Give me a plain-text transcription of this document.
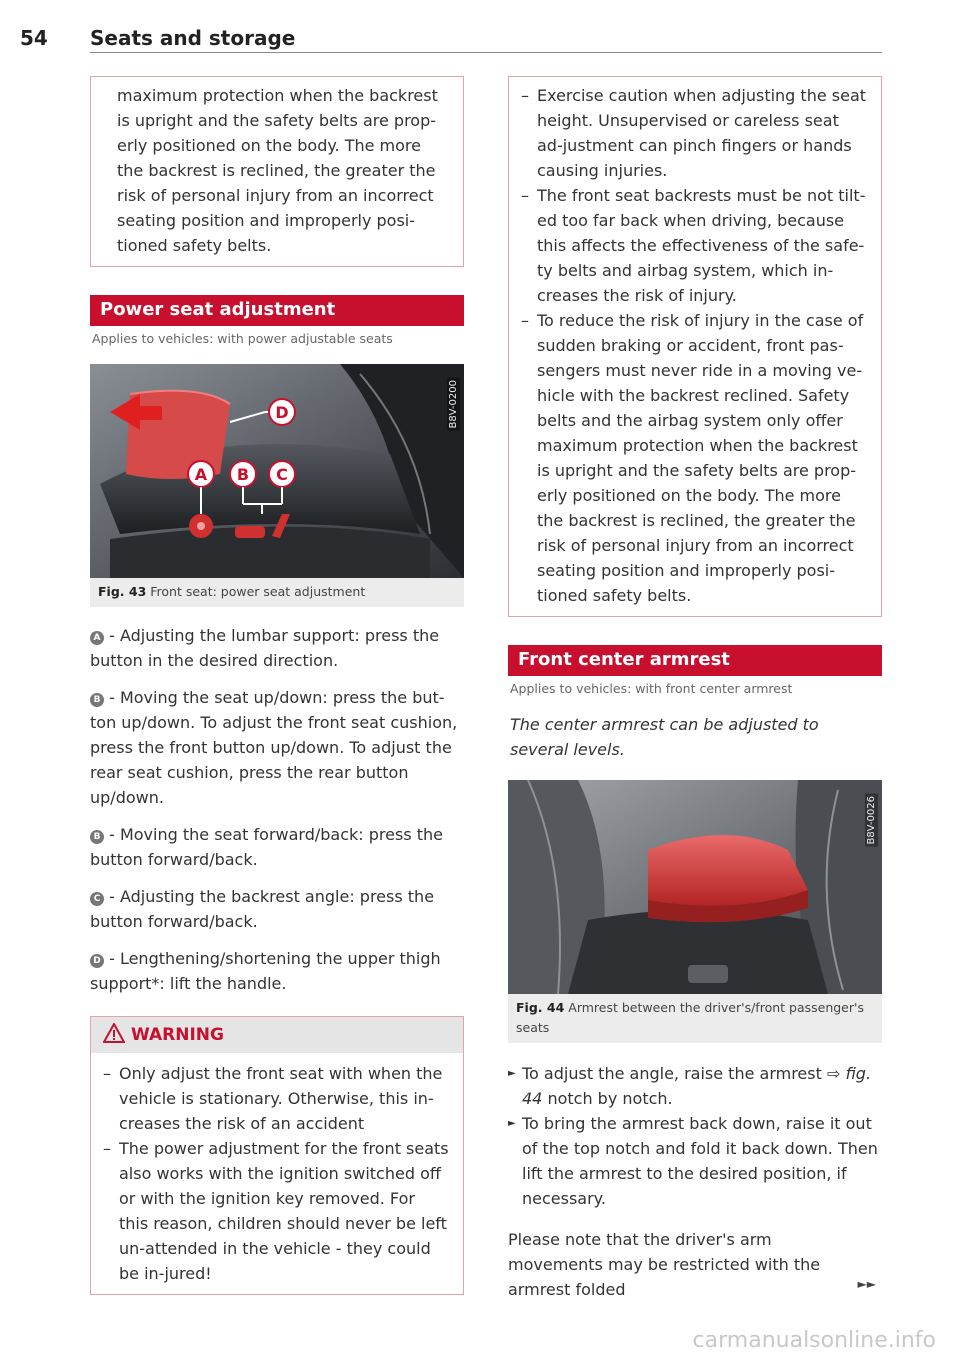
54 Seats and storage

maximum protection when the backrest is upright and the safety belts are prop-erly positioned on the body. The more the backrest is reclined, the greater the risk of personal injury from an incorrect seating position and improperly posi-tioned safety belts.

Power seat adjustment
Applies to vehicles: with power adjustable seats
D
A B C
B8V-0200
Fig. 43 Front seat: power seat adjustment

A - Adjusting the lumbar support: press the button in the desired direction.

B - Moving the seat up/down: press the but-ton up/down. To adjust the front seat cushion, press the front button up/down. To adjust the rear seat cushion, press the rear button up/down.

B - Moving the seat forward/back: press the button forward/back.

C - Adjusting the backrest angle: press the button forward/back.

D - Lengthening/shortening the upper thigh support*: lift the handle.

WARNING
– Only adjust the front seat with when the vehicle is stationary. Otherwise, this in-creases the risk of an accident
– The power adjustment for the front seats also works with the ignition switched off or with the ignition key removed. For this reason, children should never be left un-attended in the vehicle - they could be in-jured!
– Exercise caution when adjusting the seat height. Unsupervised or careless seat ad-justment can pinch fingers or hands causing injuries.
– The front seat backrests must be not tilt-ed too far back when driving, because this affects the effectiveness of the safe-ty belts and airbag system, which in-creases the risk of injury.
– To reduce the risk of injury in the case of sudden braking or accident, front pas-sengers must never ride in a moving ve-hicle with the backrest reclined. Safety belts and the airbag system only offer maximum protection when the backrest is upright and the safety belts are prop-erly positioned on the body. The more the backrest is reclined, the greater the risk of personal injury from an incorrect seating position and improperly posi-tioned safety belts.
Front center armrest
Applies to vehicles: with front center armrest

The center armrest can be adjusted to several levels.

B8V-0026
Fig. 44 Armrest between the driver's/front passenger's seats
► To adjust the angle, raise the armrest ⇨ fig. 44 notch by notch.
► To bring the armrest back down, raise it out of the top notch and fold it back down. Then lift the armrest to the desired position, if necessary.
Please note that the driver's arm movements may be restricted with the armrest folded	►►
carmanualsonline.info
